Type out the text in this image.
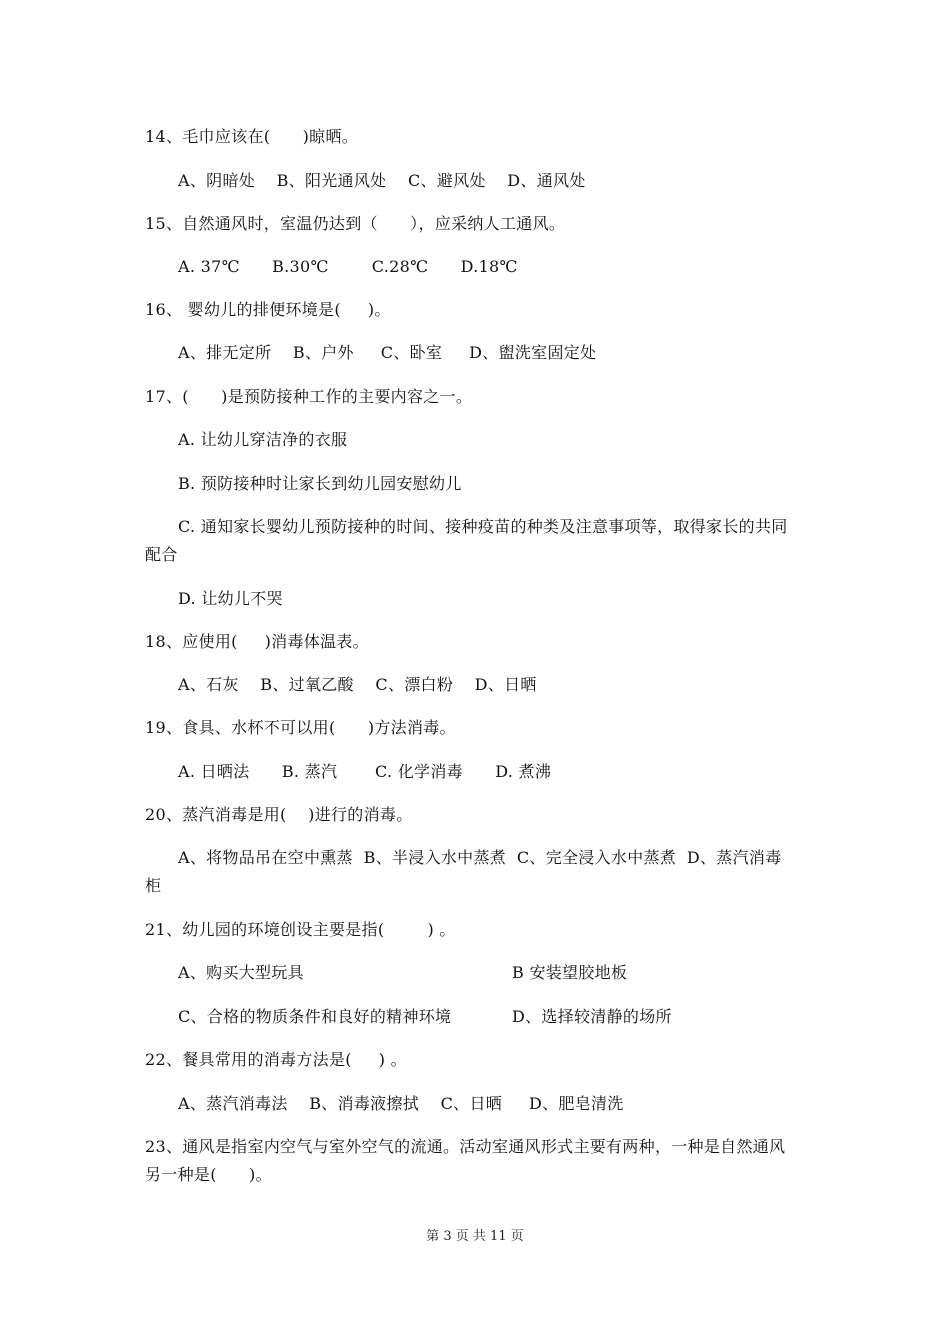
14、毛巾应该在(      )晾晒。
A、阴暗处    B、阳光通风处    C、避风处    D、通风处
15、自然通风时，室温仍达到（      ），应采纳人工通风。
A. 37℃      B.30℃        C.28℃      D.18℃
16、 婴幼儿的排便环境是(     )。
A、排无定所    B、户外     C、卧室     D、盥洗室固定处
17、(      )是预防接种工作的主要内容之一。
A. 让幼儿穿洁净的衣服
B. 预防接种时让家长到幼儿园安慰幼儿
C. 通知家长婴幼儿预防接种的时间、接种疫苗的种类及注意事项等，取得家长的共同
配合
D. 让幼儿不哭
18、应使用(     )消毒体温表。
A、石灰    B、过氧乙酸    C、漂白粉    D、日晒
19、食具、水杯不可以用(      )方法消毒。
A. 日晒法      B. 蒸汽       C. 化学消毒      D. 煮沸
20、蒸汽消毒是用(    )进行的消毒。
A、将物品吊在空中熏蒸  B、半浸入水中蒸煮  C、完全浸入水中蒸煮  D、蒸汽消毒
柜
21、幼儿园的环境创设主要是指(        ) 。
A、购买大型玩具	B 安装望胶地板
C、合格的物质条件和良好的精神环境	D、选择较清静的场所
22、餐具常用的消毒方法是(     ) 。
A、蒸汽消毒法    B、消毒液擦拭    C、日晒     D、肥皂清洗
23、通风是指室内空气与室外空气的流通。活动室通风形式主要有两种，一种是自然通风
另一种是(      )。
第 3 页 共 11 页
